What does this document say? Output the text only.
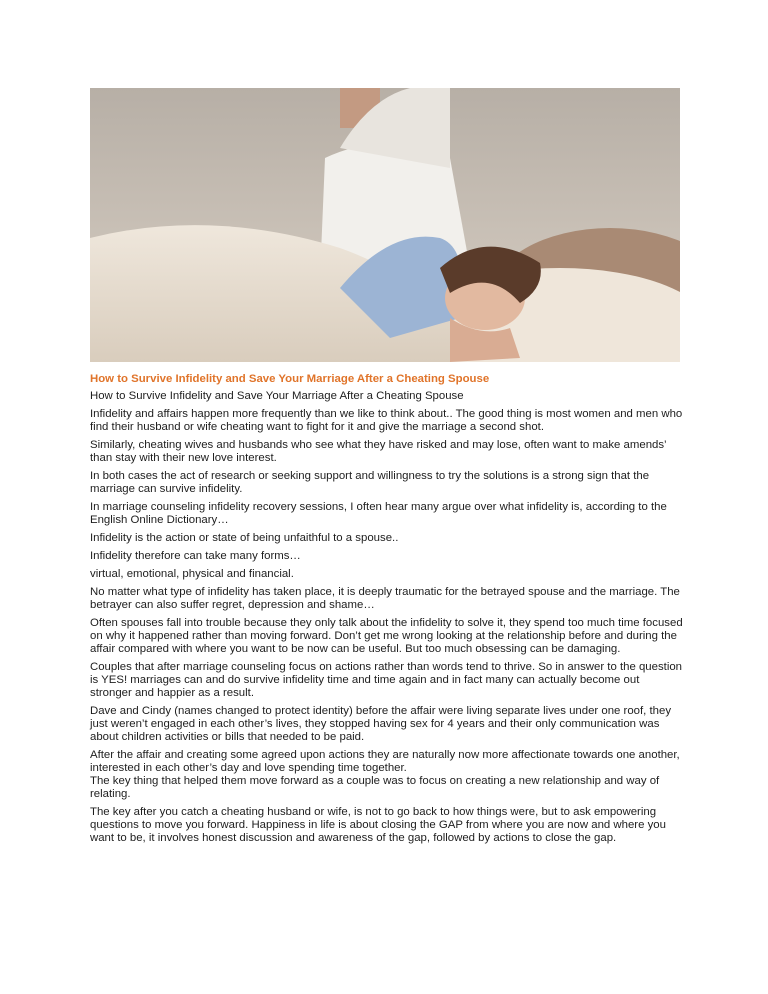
How to Survive Infidelity and Save Your Marriage After a Cheating Spouse

How to Survive Infidelity and Save Your Marriage After a Cheating Spouse

Infidelity and affairs happen more frequently than we like to think about.. The good thing is most women and men who find their husband or wife cheating want to fight for it and give the marriage a second shot.

Similarly, cheating wives and husbands who see what they have risked and may lose, often want to make amends’ than stay with their new love interest.

In both cases the act of research or seeking support and willingness to try the solutions is a strong sign that the marriage can survive infidelity.

In marriage counseling infidelity recovery sessions, I often hear many argue over what infidelity is, according to the English Online Dictionary…

Infidelity is the action or state of being unfaithful to a spouse..

Infidelity therefore can take many forms…

virtual, emotional, physical and financial.

No matter what type of infidelity has taken place, it is deeply traumatic for the betrayed spouse and the marriage. The betrayer can also suffer regret, depression and shame…

Often spouses fall into trouble because they only talk about the infidelity to solve it, they spend too much time focused on why it happened rather than moving forward. Don’t get me wrong looking at the relationship before and during the affair compared with where you want to be now can be useful. But too much obsessing can be damaging.

Couples that after marriage counseling focus on actions rather than words tend to thrive. So in answer to the question is YES! marriages can and do survive infidelity time and time again and in fact many can actually become out stronger and happier as a result.

Dave and Cindy (names changed to protect identity) before the affair were living separate lives under one roof, they just weren’t engaged in each other’s lives, they stopped having sex for 4 years and their only communication was about children activities or bills that needed to be paid.

After the affair and creating some agreed upon actions they are naturally now more affectionate towards one another, interested in each other’s day and love spending time together.
The key thing that helped them move forward as a couple was to focus on creating a new relationship and way of relating.

The key after you catch a cheating husband or wife, is not to go back to how things were, but to ask empowering questions to move you forward. Happiness in life is about closing the GAP from where you are now and where you want to be, it involves honest discussion and awareness of the gap, followed by actions to close the gap.
